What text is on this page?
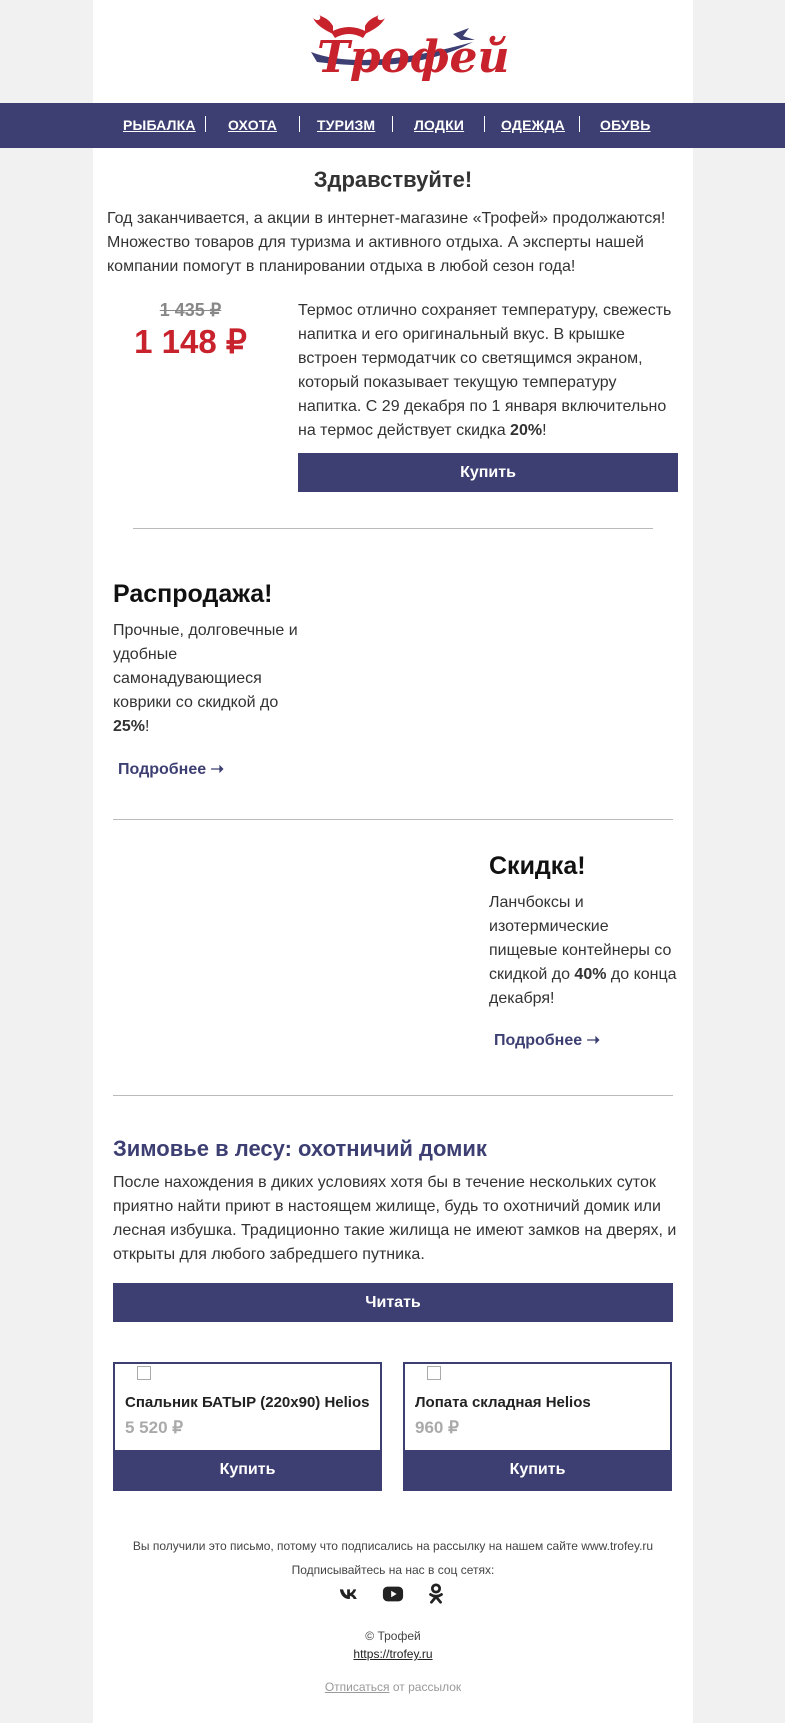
Трофей
РЫБАЛКА ОХОТА	ТУРИЗМ	ЛОДКИ	ОДЕЖДА	ОБУВЬ
Здравствуйте!
Год заканчивается, а акции в интернет-магазине «Трофей» продолжаются! Множество товаров для туризма и активного отдыха. А эксперты нашей компании помогут в планировании отдыха в любой сезон года!
1 435 ₽
1 148 ₽
Термос отлично сохраняет температуру, свежесть напитка и его оригинальный вкус. В крышке встроен термодатчик со светящимся экраном, который показывает текущую температуру напитка. С 29 декабря по 1 января включительно на термос действует скидка 20%!
Купить
Распродажа!
Прочные, долговечные и удобные самонадувающиеся коврики со скидкой до 25%!
Подробнее ➝
Скидка!
Ланчбоксы и изотермические пищевые контейнеры со скидкой до 40% до конца декабря!
Подробнее ➝
Зимовье в лесу: охотничий домик
После нахождения в диких условиях хотя бы в течение нескольких суток приятно найти приют в настоящем жилище, будь то охотничий домик или лесная избушка. Традиционно такие жилища не имеют замков на дверях, и открыты для любого забредшего путника.
Читать
Спальник БАТЫР (220х90) Helios
5 520 ₽
Купить
Лопата складная Helios
960 ₽
Купить
Вы получили это письмо, потому что подписались на рассылку на нашем сайте www.trofey.ru
Подписывайтесь на нас в соц сетях:
© Трофей
https://trofey.ru
Отписаться от рассылок
